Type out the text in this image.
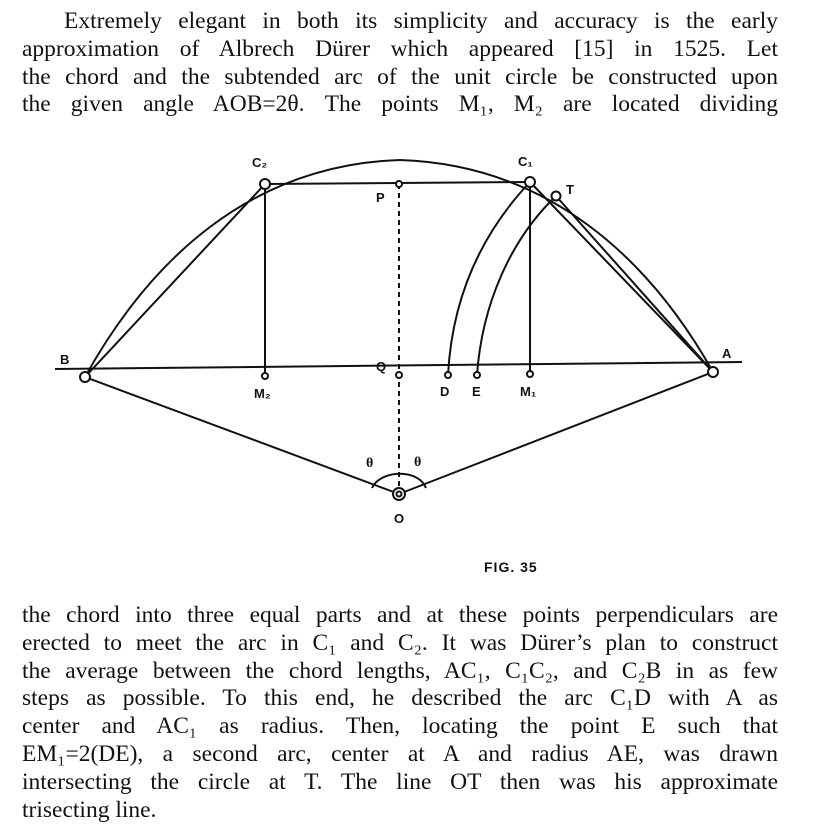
Extremely elegant in both its simplicity and accuracy is the early
approximation of Albrech Dürer which appeared [15] in 1525. Let
the chord and the subtended arc of the unit circle be constructed upon
the given angle AOB=2θ. The points M₁, M₂ are located dividing
B	A
C₂	C₁
T
P
Q
D E	M₁
M₂
O
θ	θ
FIG. 35
the chord into three equal parts and at these points perpendiculars are
erected to meet the arc in C₁ and C₂. It was Dürer’s plan to construct
the average between the chord lengths, AC₁, C₁C₂, and C₂B in as few
steps as possible. To this end, he described the arc C₁D with A as
center and AC₁ as radius. Then, locating the point E such that
EM₁=2(DE), a second arc, center at A and radius AE, was drawn
intersecting the circle at T. The line OT then was his approximate
trisecting line.
